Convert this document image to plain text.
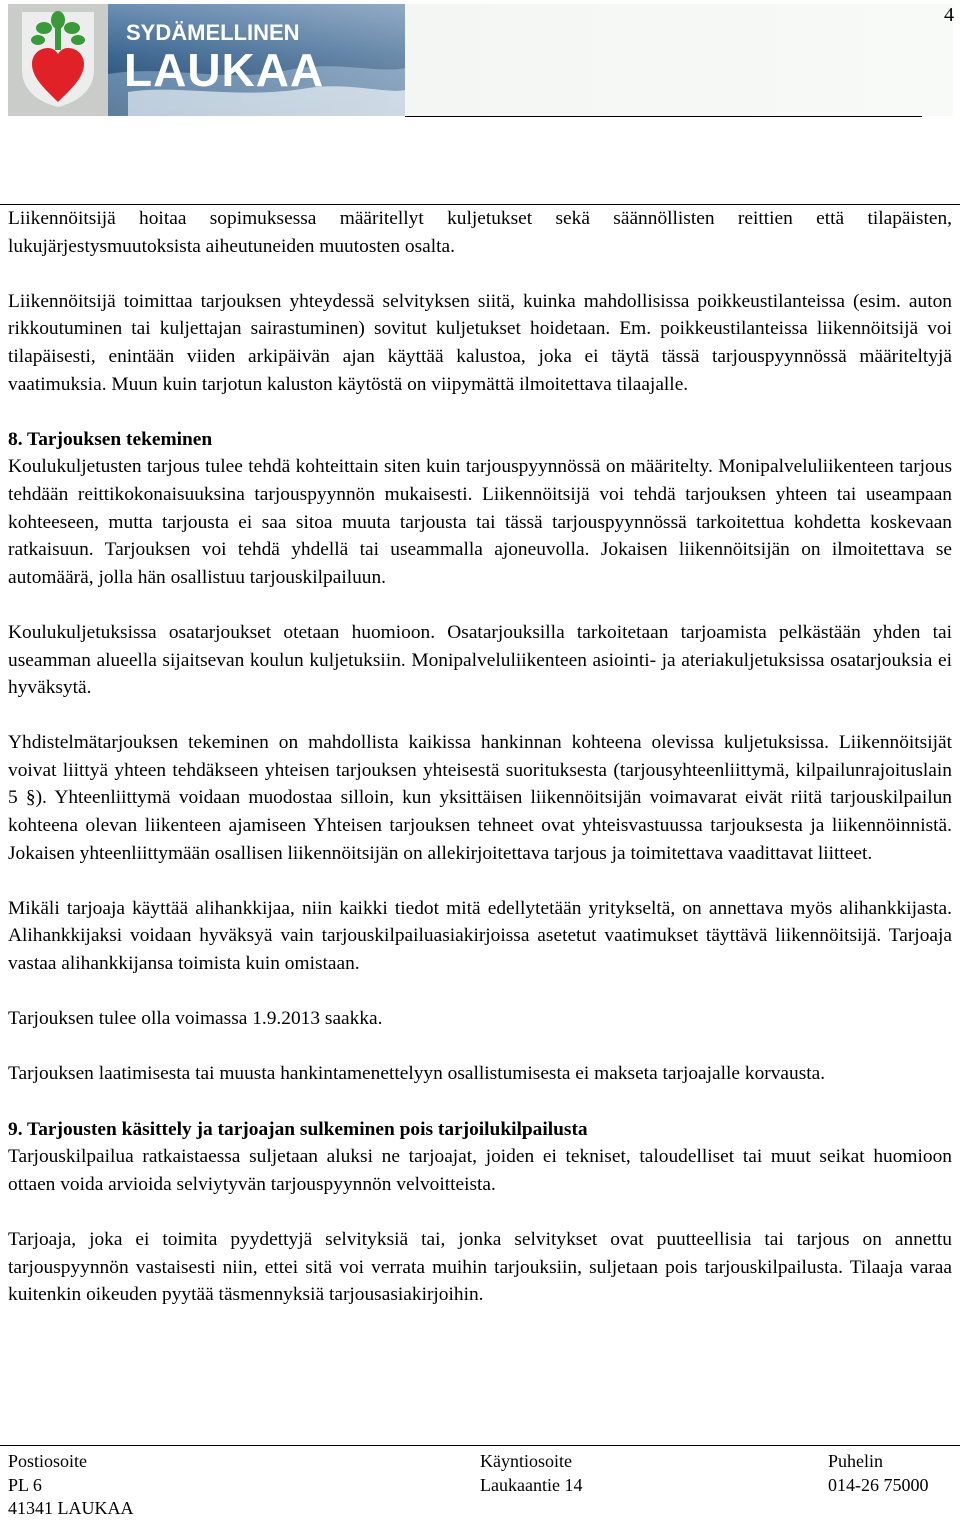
SYDÄMELLINEN
LAUKAA
4

Liikennöitsijä hoitaa sopimuksessa määritellyt kuljetukset sekä säännöllisten reittien että tilapäisten, lukujärjestysmuutoksista aiheutuneiden muutosten osalta.

Liikennöitsijä toimittaa tarjouksen yhteydessä selvityksen siitä, kuinka mahdollisissa poikkeustilanteissa (esim. auton rikkoutuminen tai kuljettajan sairastuminen) sovitut kuljetukset hoidetaan. Em. poikkeustilanteissa liikennöitsijä voi tilapäisesti, enintään viiden arkipäivän ajan käyttää kalustoa, joka ei täytä tässä tarjouspyynnössä määriteltyjä vaatimuksia. Muun kuin tarjotun kaluston käytöstä on viipymättä ilmoitettava tilaajalle.

8. Tarjouksen tekeminen

Koulukuljetusten tarjous tulee tehdä kohteittain siten kuin tarjouspyynnössä on määritelty. Monipalveluliikenteen tarjous tehdään reittikokonaisuuksina tarjouspyynnön mukaisesti. Liikennöitsijä voi tehdä tarjouksen yhteen tai useampaan kohteeseen, mutta tarjousta ei saa sitoa muuta tarjousta tai tässä tarjouspyynnössä tarkoitettua kohdetta koskevaan ratkaisuun. Tarjouksen voi tehdä yhdellä tai useammalla ajoneuvolla. Jokaisen liikennöitsijän on ilmoitettava se automäärä, jolla hän osallistuu tarjouskilpailuun.

Koulukuljetuksissa osatarjoukset otetaan huomioon. Osatarjouksilla tarkoitetaan tarjoamista pelkästään yhden tai useamman alueella sijaitsevan koulun kuljetuksiin. Monipalveluliikenteen asiointi- ja ateriakuljetuksissa osatarjouksia ei hyväksytä.

Yhdistelmätarjouksen tekeminen on mahdollista kaikissa hankinnan kohteena olevissa kuljetuksissa. Liikennöitsijät voivat liittyä yhteen tehdäkseen yhteisen tarjouksen yhteisestä suorituksesta (tarjousyhteenliittymä, kilpailunrajoituslain 5 §). Yhteenliittymä voidaan muodostaa silloin, kun yksittäisen liikennöitsijän voimavarat eivät riitä tarjouskilpailun kohteena olevan liikenteen ajamiseen Yhteisen tarjouksen tehneet ovat yhteisvastuussa tarjouksesta ja liikennöinnistä. Jokaisen yhteenliittymään osallisen liikennöitsijän on allekirjoitettava tarjous ja toimitettava vaadittavat liitteet.

Mikäli tarjoaja käyttää alihankkijaa, niin kaikki tiedot mitä edellytetään yritykseltä, on annettava myös alihankkijasta. Alihankkijaksi voidaan hyväksyä vain tarjouskilpailuasiakirjoissa asetetut vaatimukset täyttävä liikennöitsijä. Tarjoaja vastaa alihankkijansa toimista kuin omistaan.

Tarjouksen tulee olla voimassa 1.9.2013 saakka.

Tarjouksen laatimisesta tai muusta hankintamenettelyyn osallistumisesta ei makseta tarjoajalle korvausta.

9. Tarjousten käsittely ja tarjoajan sulkeminen pois tarjoilukilpailusta

Tarjouskilpailua ratkaistaessa suljetaan aluksi ne tarjoajat, joiden ei tekniset, taloudelliset tai muut seikat huomioon ottaen voida arvioida selviytyvän tarjouspyynnön velvoitteista.

Tarjoaja, joka ei toimita pyydettyjä selvityksiä tai, jonka selvitykset ovat puutteellisia tai tarjous on annettu tarjouspyynnön vastaisesti niin, ettei sitä voi verrata muihin tarjouksiin, suljetaan pois tarjouskilpailusta. Tilaaja varaa kuitenkin oikeuden pyytää täsmennyksiä tarjousasiakirjoihin.

Postiosoite
PL 6
41341 LAUKAA
Käyntiosoite
Laukaantie 14
Puhelin
014-26 75000
